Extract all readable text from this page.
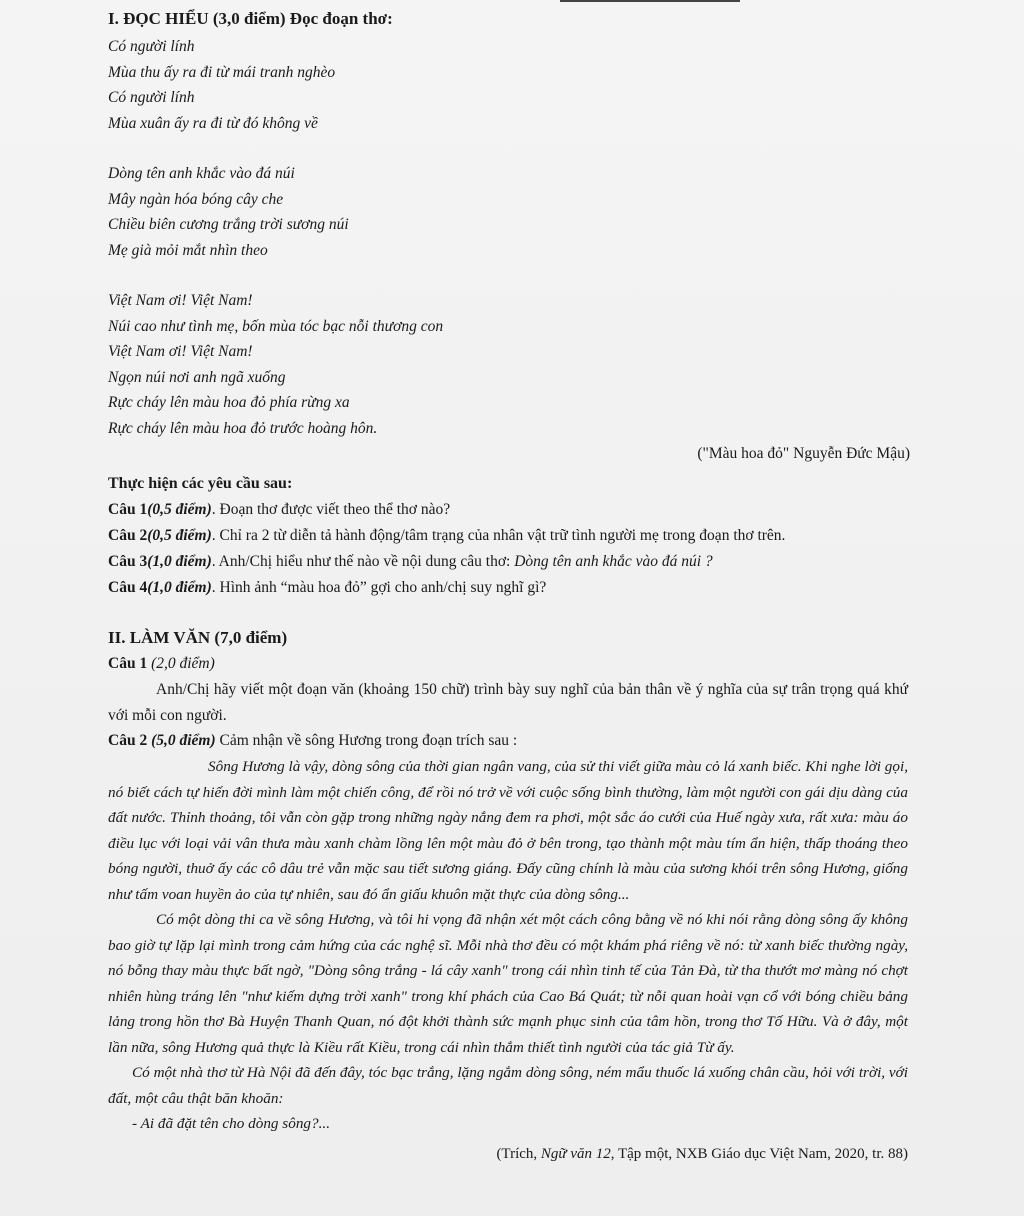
I. ĐỌC HIỂU (3,0 điểm) Đọc đoạn thơ:
Có người lính
Mùa thu ấy ra đi từ mái tranh nghèo
Có người lính
Mùa xuân ấy ra đi từ đó không về
Dòng tên anh khắc vào đá núi
Mây ngàn hóa bóng cây che
Chiều biên cương trắng trời sương núi
Mẹ già mỏi mắt nhìn theo
Việt Nam ơi! Việt Nam!
Núi cao như tình mẹ, bốn mùa tóc bạc nỗi thương con
Việt Nam ơi! Việt Nam!
Ngọn núi nơi anh ngã xuống
Rực cháy lên màu hoa đỏ phía rừng xa
Rực cháy lên màu hoa đỏ trước hoàng hôn.
("Màu hoa đỏ" Nguyễn Đức Mậu)
Thực hiện các yêu cầu sau:
Câu 1(0,5 điểm). Đoạn thơ được viết theo thể thơ nào?
Câu 2(0,5 điểm). Chỉ ra 2 từ diễn tả hành động/tâm trạng của nhân vật trữ tình người mẹ trong đoạn thơ trên.
Câu 3(1,0 điểm). Anh/Chị hiểu như thế nào về nội dung câu thơ: Dòng tên anh khắc vào đá núi ?
Câu 4(1,0 điểm). Hình ảnh “màu hoa đỏ” gợi cho anh/chị suy nghĩ gì?
II. LÀM VĂN (7,0 điểm)
Câu 1 (2,0 điểm)
Anh/Chị hãy viết một đoạn văn (khoảng 150 chữ) trình bày suy nghĩ của bản thân về ý nghĩa của sự trân trọng quá khứ với mỗi con người.
Câu 2 (5,0 điểm) Cảm nhận về sông Hương trong đoạn trích sau :
Sông Hương là vậy, dòng sông của thời gian ngân vang, của sử thi viết giữa màu cỏ lá xanh biếc. Khi nghe lời gọi, nó biết cách tự hiến đời mình làm một chiến công, để rồi nó trở về với cuộc sống bình thường, làm một người con gái dịu dàng của đất nước. Thỉnh thoảng, tôi vẫn còn gặp trong những ngày nắng đem ra phơi, một sắc áo cưới của Huế ngày xưa, rất xưa: màu áo điều lục với loại vải vân thưa màu xanh chàm lồng lên một màu đỏ ở bên trong, tạo thành một màu tím ẩn hiện, thấp thoáng theo bóng người, thuở ấy các cô dâu trẻ vẫn mặc sau tiết sương giáng. Đấy cũng chính là màu của sương khói trên sông Hương, giống như tấm voan huyền ảo của tự nhiên, sau đó ẩn giấu khuôn mặt thực của dòng sông...
Có một dòng thi ca về sông Hương, và tôi hi vọng đã nhận xét một cách công bằng về nó khi nói rằng dòng sông ấy không bao giờ tự lặp lại mình trong cảm hứng của các nghệ sĩ. Mỗi nhà thơ đều có một khám phá riêng về nó: từ xanh biếc thường ngày, nó bỗng thay màu thực bất ngờ, "Dòng sông trắng - lá cây xanh" trong cái nhìn tinh tế của Tản Đà, từ tha thướt mơ màng nó chợt nhiên hùng tráng lên "như kiếm dựng trời xanh" trong khí phách của Cao Bá Quát; từ nỗi quan hoài vạn cổ với bóng chiều bảng lảng trong hồn thơ Bà Huyện Thanh Quan, nó đột khởi thành sức mạnh phục sinh của tâm hồn, trong thơ Tố Hữu. Và ở đây, một lần nữa, sông Hương quả thực là Kiều rất Kiều, trong cái nhìn thắm thiết tình người của tác giả Từ ấy.
Có một nhà thơ từ Hà Nội đã đến đây, tóc bạc trắng, lặng ngắm dòng sông, ném mẩu thuốc lá xuống chân cầu, hỏi với trời, với đất, một câu thật băn khoăn:
- Ai đã đặt tên cho dòng sông?...
(Trích, Ngữ văn 12, Tập một, NXB Giáo dục Việt Nam, 2020, tr. 88)
